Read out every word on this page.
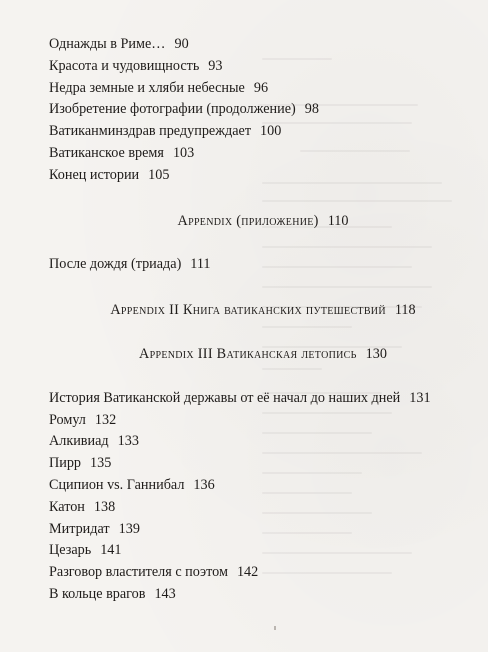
Однажды в Риме… 90
Красота и чудовищность 93
Недра земные и хляби небесные 96
Изобретение фотографии (продолжение) 98
Ватиканминздрав предупреждает 100
Ватиканское время 103
Конец истории 105
Appendix (приложение) 110
После дождя (триада) 111
Appendix II Книга ватиканских путешествий 118
Appendix III Ватиканская летопись 130
История Ватиканской державы от её начал до наших дней 131
Ромул 132
Алкивиад 133
Пирр 135
Сципион vs. Ганнибал 136
Катон 138
Митридат 139
Цезарь 141
Разговор властителя с поэтом 142
В кольце врагов 143
